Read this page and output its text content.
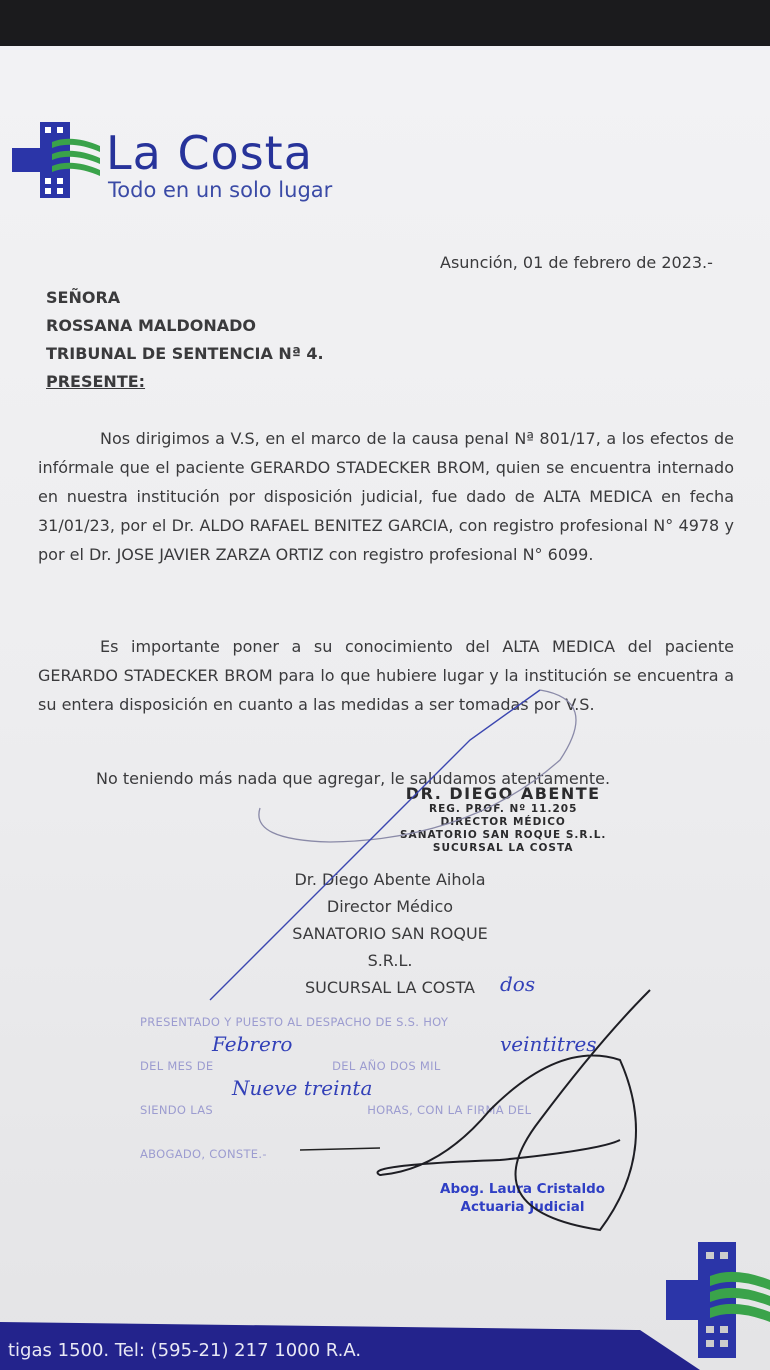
La Costa
Todo en un solo lugar
Asunción, 01 de febrero de 2023.-
SEÑORA
ROSSANA MALDONADO
TRIBUNAL DE SENTENCIA Nª 4.
PRESENTE:
Nos dirigimos a V.S, en el marco de la causa penal Nª 801/17, a los efectos de infórmale que el paciente GERARDO STADECKER BROM, quien se encuentra internado en nuestra institución por disposición judicial, fue dado de ALTA MEDICA en fecha 31/01/23, por el Dr. ALDO RAFAEL BENITEZ GARCIA, con registro profesional N° 4978 y por el Dr. JOSE JAVIER ZARZA ORTIZ con registro profesional N° 6099.
Es importante poner a su conocimiento del ALTA MEDICA del paciente GERARDO STADECKER BROM para lo que hubiere lugar y la institución se encuentra a su entera disposición en cuanto a las medidas a ser tomadas por V.S.
No teniendo más nada que agregar, le saludamos atentamente.
DR. DIEGO ABENTE
REG. PROF. Nº 11.205
DIRECTOR MÉDICO
SANATORIO SAN ROQUE S.R.L.
SUCURSAL LA COSTA
Dr. Diego Abente Aihola
Director Médico
SANATORIO SAN ROQUE S.R.L.
SUCURSAL LA COSTA
PRESENTADO Y PUESTO AL DESPACHO DE S.S. HOY
DEL MES DE                              DEL AÑO DOS MIL
SIENDO LAS                                       HORAS, CON LA FIRMA DEL
ABOGADO, CONSTE.-
dos
Febrero	veintitres
Nueve treinta
Abog. Laura Cristaldo
Actuaria Judicial
tigas 1500. Tel: (595-21) 217 1000 R.A.
